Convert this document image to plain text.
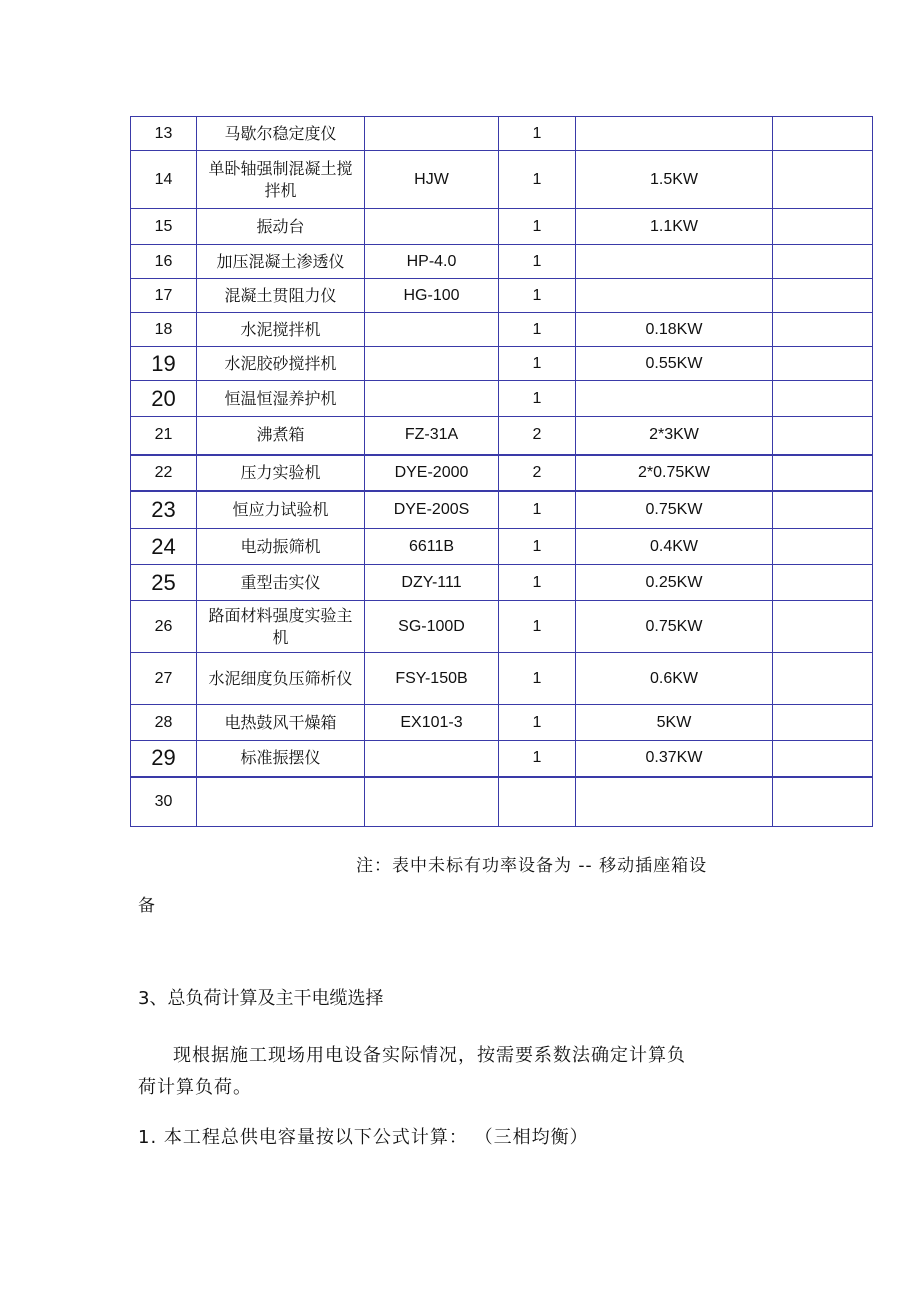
13	马歇尔稳定度仪		1		
14	单卧轴强制混凝土搅拌机	HJW	1	1.5KW	
15	振动台		1	1.1KW	
16	加压混凝土渗透仪	HP-4.0	1		
17	混凝土贯阻力仪	HG-100	1		
18	水泥搅拌机		1	0.18KW	
19	水泥胶砂搅拌机		1	0.55KW	
20	恒温恒湿养护机		1		
21	沸煮箱	FZ-31A	2	2*3KW	
22	压力实验机	DYE-2000	2	2*0.75KW	
23	恒应力试验机	DYE-200S	1	0.75KW	
24	电动振筛机	6611B	1	0.4KW	
25	重型击实仪	DZY-111	1	0.25KW	
26	路面材料强度实验主机	SG-100D	1	0.75KW	
27	水泥细度负压筛析仪	FSY-150B	1	0.6KW	
28	电热鼓风干燥箱	EX101-3	1	5KW	
29	标准振摆仪		1	0.37KW	
30					
注：表中未标有功率设备为 -- 移动插座箱设
备
3、总负荷计算及主干电缆选择
现根据施工现场用电设备实际情况，按需要系数法确定计算负
荷计算负荷。
1. 本工程总供电容量按以下公式计算： （三相均衡）
